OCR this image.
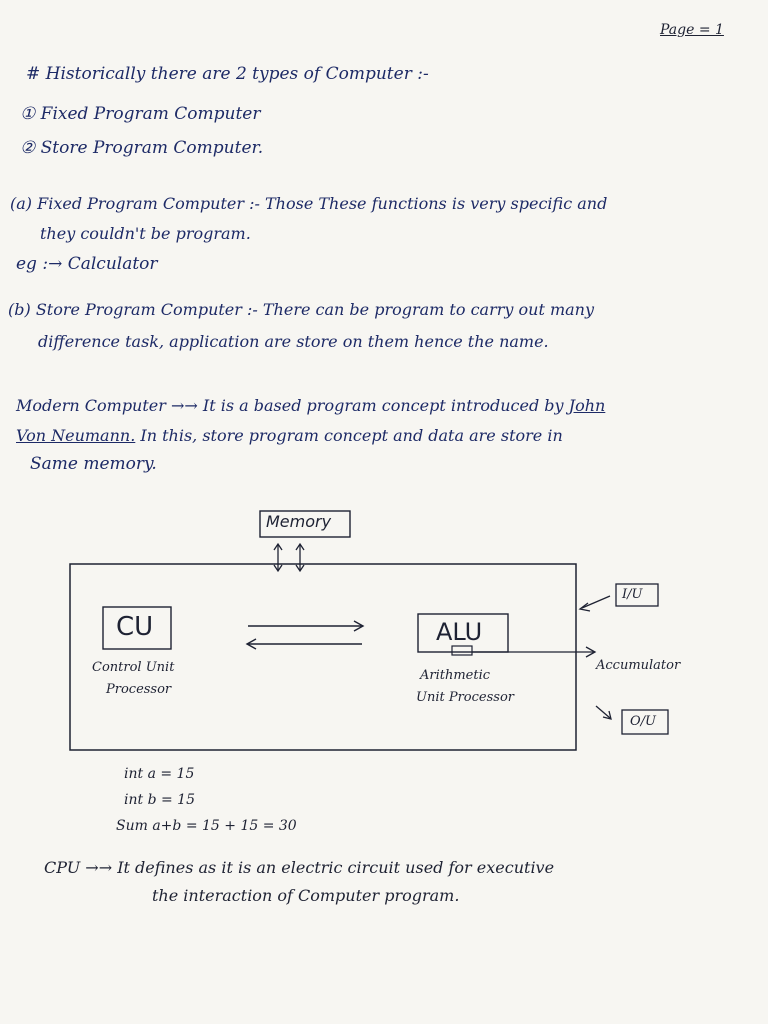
Page = 1
# Historically there are 2 types of Computer :-
① Fixed Program Computer
② Store Program Computer.
(a) Fixed Program Computer :- Those These functions is very specific and
they couldn't be program.
eg :→ Calculator
(b) Store Program Computer :- There can be program to carry out many
difference task, application are store on them hence the name.
Modern Computer →→ It is a based program concept introduced by John
Von Neumann. In this, store program concept and data are store in
Same memory.
Memory
CU
Control Unit
Processor
ALU
Arithmetic
Unit Processor
I/U
Accumulator
O/U
int a = 15
int b = 15
Sum a+b = 15 + 15 = 30
CPU →→ It defines as it is an electric circuit used for executive
the interaction of Computer program.
